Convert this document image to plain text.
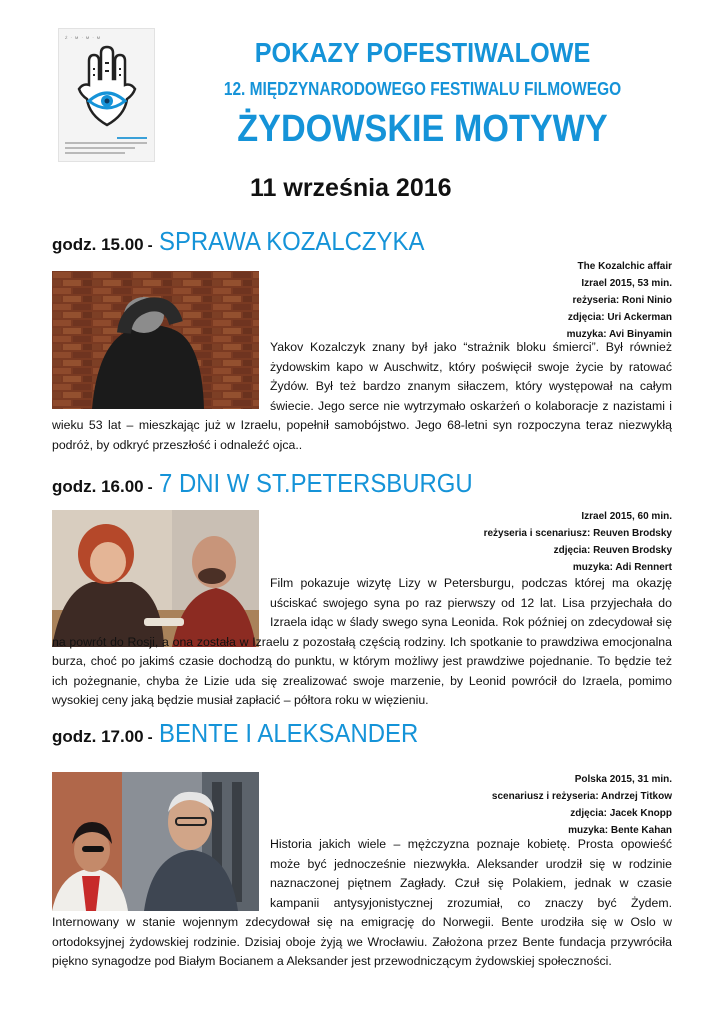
Ż · M · M · M	POKAZY POFESTIWALOWE
12. MIĘDZYNARODOWEGO FESTIWALU FILMOWEGO
ŻYDOWSKIE MOTYWY
11 września 2016
godz. 15.00 - SPRAWA KOZALCZYKA
The Kozalchic affair
Izrael 2015, 53 min.
reżyseria: Roni Ninio
zdjęcia: Uri Ackerman
muzyka: Avi Binyamin
Yakov Kozalczyk znany był jako “strażnik bloku śmierci”. Był również żydowskim kapo w Auschwitz, który poświęcił swoje życie by ratować Żydów. Był też bardzo znanym siłaczem, który występował na całym świecie. Jego serce nie wytrzymało oskarżeń o kolaboracje z nazistami i wieku 53 lat – mieszkając już w Izraelu, popełnił samobójstwo. Jego 68-letni syn rozpoczyna teraz niezwykłą podróż, by odkryć przeszłość i odnaleźć ojca..
godz. 16.00 - 7 DNI W ST.PETERSBURGU
Izrael 2015, 60 min.
reżyseria i scenariusz: Reuven Brodsky
zdjęcia: Reuven Brodsky
muzyka: Adi Rennert
Film pokazuje wizytę Lizy w Petersburgu, podczas której ma okazję uściskać swojego syna po raz pierwszy od 12 lat. Lisa przyjechała do Izraela idąc w ślady swego syna Leonida. Rok później on zdecydował się na powrót do Rosji, a ona została w Izraelu z pozostałą częścią rodziny. Ich spotkanie to prawdziwa emocjonalna burza, choć po jakimś czasie dochodzą do punktu, w którym możliwy jest prawdziwe pojednanie. To będzie też ich pożegnanie, chyba że Lizie uda się zrealizować swoje marzenie, by Leonid powrócił do Izraela, pomimo wysokiej ceny jaką będzie musiał zapłacić – półtora roku w więzieniu.
godz. 17.00 - BENTE I ALEKSANDER
Polska 2015, 31 min.
scenariusz i reżyseria: Andrzej Titkow
zdjęcia: Jacek Knopp
muzyka: Bente Kahan
Historia jakich wiele – mężczyzna poznaje kobietę. Prosta opowieść może być jednocześnie niezwykła. Aleksander urodził się w rodzinie naznaczonej piętnem Zagłady. Czuł się Polakiem, jednak w czasie kampanii antysyjonistycznej zrozumiał, co znaczy być Żydem. Internowany w stanie wojennym zdecydował się na emigrację do Norwegii. Bente urodziła się w Oslo w ortodoksyjnej żydowskiej rodzinie. Dzisiaj oboje żyją we Wrocławiu. Założona przez Bente fundacja przywróciła piękno synagodze pod Białym Bocianem a Aleksander jest przewodniczącym żydowskiej społeczności.
